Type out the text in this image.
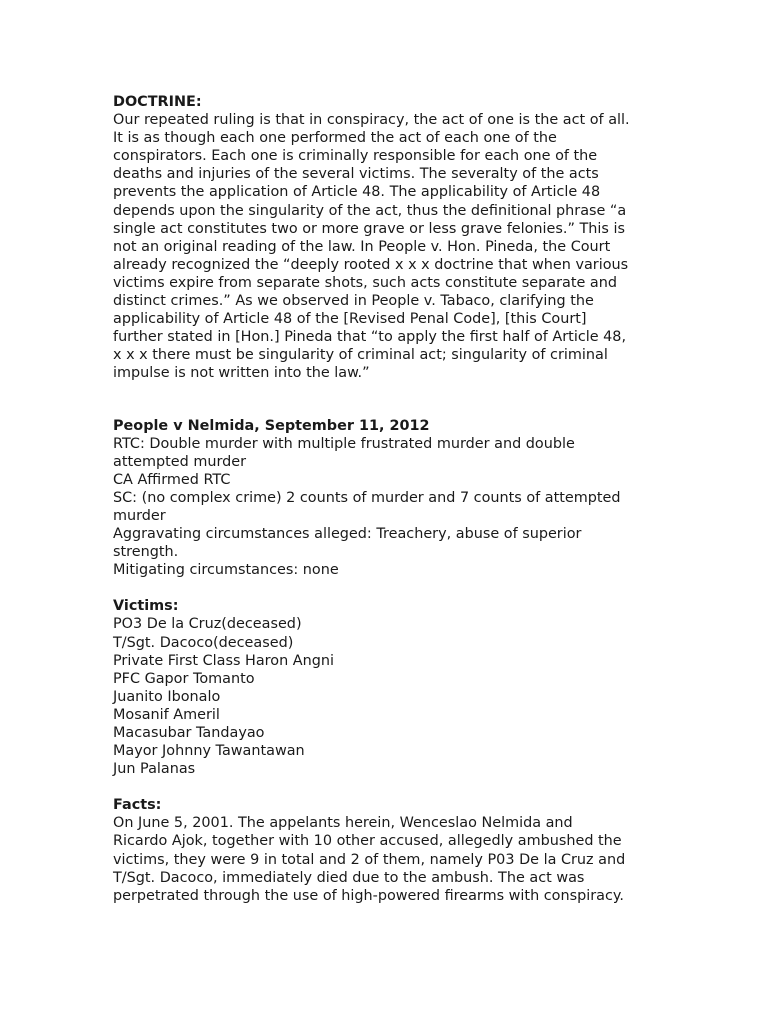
DOCTRINE:

Our repeated ruling is that in conspiracy, the act of one is the act of all.
It is as though each one performed the act of each one of the
conspirators. Each one is criminally responsible for each one of the
deaths and injuries of the several victims. The severalty of the acts
prevents the application of Article 48. The applicability of Article 48
depends upon the singularity of the act, thus the definitional phrase “a
single act constitutes two or more grave or less grave felonies.” This is
not an original reading of the law. In People v. Hon. Pineda, the Court
already recognized the “deeply rooted x x x doctrine that when various
victims expire from separate shots, such acts constitute separate and
distinct crimes.” As we observed in People v. Tabaco, clarifying the
applicability of Article 48 of the [Revised Penal Code], [this Court]
further stated in [Hon.] Pineda that “to apply the first half of Article 48,
x x x there must be singularity of criminal act; singularity of criminal
impulse is not written into the law.”

People v Nelmida, September 11, 2012

RTC: Double murder with multiple frustrated murder and double
attempted murder
CA Affirmed RTC
SC: (no complex crime) 2 counts of murder and 7 counts of attempted
murder
Aggravating circumstances alleged: Treachery, abuse of superior
strength.
Mitigating circumstances: none

Victims:

PO3 De la Cruz(deceased)
T/Sgt. Dacoco(deceased)
Private First Class Haron Angni
PFC Gapor Tomanto
Juanito Ibonalo
Mosanif Ameril
Macasubar Tandayao
Mayor Johnny Tawantawan
Jun Palanas

Facts:

On June 5, 2001. The appelants herein, Wenceslao Nelmida and
Ricardo Ajok, together with 10 other accused, allegedly ambushed the
victims, they were 9 in total and 2 of them, namely P03 De la Cruz and
T/Sgt. Dacoco, immediately died due to the ambush. The act was
perpetrated through the use of high-powered firearms with conspiracy.
